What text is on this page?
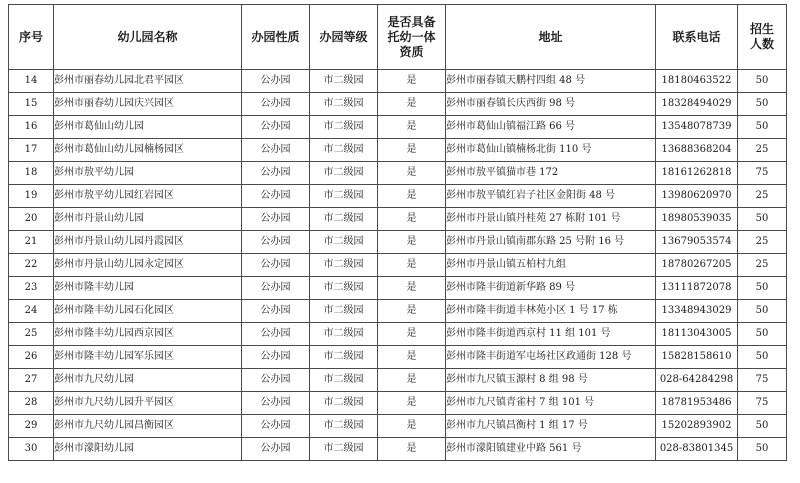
序号	幼儿园名称	办园性质	办园等级	是否具备托幼一体资质	地址	联系电话	招生人数
14	彭州市丽春幼儿园北君平园区	公办园	市二级园	是	彭州市丽春镇天鹏村四组 48 号	18180463522	50
15	彭州市丽春幼儿园庆兴园区	公办园	市二级园	是	彭州市丽春镇长庆西街 98 号	18328494029	50
16	彭州市葛仙山幼儿园	公办园	市二级园	是	彭州市葛仙山镇福江路 66 号	13548078739	50
17	彭州市葛仙山幼儿园楠杨园区	公办园	市二级园	是	彭州市葛仙山镇楠杨北街 110 号	13688368204	25
18	彭州市敖平幼儿园	公办园	市二级园	是	彭州市敖平镇猫市巷 172	18161262818	75
19	彭州市敖平幼儿园红岩园区	公办园	市二级园	是	彭州市敖平镇红岩子社区金阳街 48 号	13980620970	25
20	彭州市丹景山幼儿园	公办园	市二级园	是	彭州市丹景山镇丹桂苑 27 栋附 101 号	18980539035	50
21	彭州市丹景山幼儿园丹霞园区	公办园	市二级园	是	彭州市丹景山镇南郡东路 25 号附 16 号	13679053574	25
22	彭州市丹景山幼儿园永定园区	公办园	市二级园	是	彭州市丹景山镇五柏村九组	18780267205	25
23	彭州市隆丰幼儿园	公办园	市二级园	是	彭州市隆丰街道新华路 89 号	13111872078	50
24	彭州市隆丰幼儿园石化园区	公办园	市二级园	是	彭州市隆丰街道丰林苑小区 1 号 17 栋	13348943029	50
25	彭州市隆丰幼儿园西京园区	公办园	市二级园	是	彭州市隆丰街道西京村 11 组 101 号	18113043005	50
26	彭州市隆丰幼儿园军乐园区	公办园	市二级园	是	彭州市隆丰街道军屯场社区政通街 128 号	15828158610	50
27	彭州市九尺幼儿园	公办园	市二级园	是	彭州市九尺镇玉源村 8 组 98 号	028-64284298	75
28	彭州市九尺幼儿园升平园区	公办园	市二级园	是	彭州市九尺镇青雀村 7 组 101 号	18781953486	75
29	彭州市九尺幼儿园昌衡园区	公办园	市二级园	是	彭州市九尺镇昌衡村 1 组 17 号	15202893902	50
30	彭州市濛阳幼儿园	公办园	市二级园	是	彭州市濛阳镇建业中路 561 号	028-83801345	50
